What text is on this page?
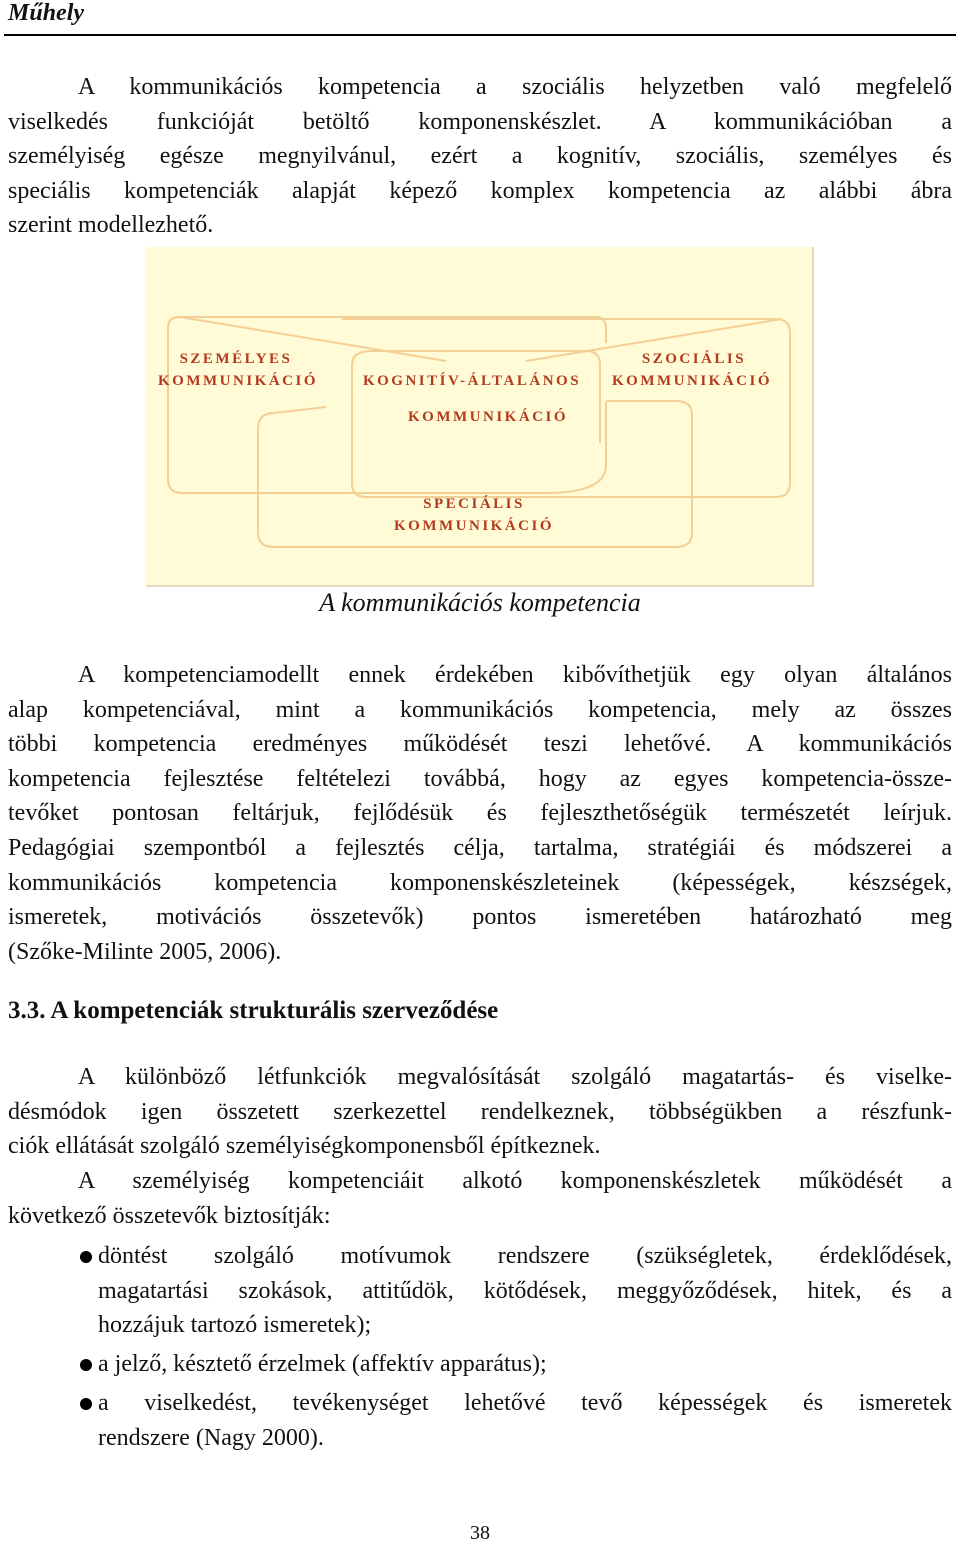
Műhely
A kommunikációs kompetencia a szociális helyzetben való megfelelő
viselkedés funkcióját betöltő komponenskészlet. A kommunikációban a
személyiség egésze megnyilvánul, ezért a kognitív, szociális, személyes és
speciális kompetenciák alapját képező komplex kompetencia az alábbi ábra
szerint modellezhető.
SZEMÉLYES
KOMMUNIKÁCIÓ	KOGNITÍV-ÁLTALÁNOS
KOMMUNIKÁCIÓ
SZOCIÁLIS
KOMMUNIKÁCIÓ
SPECIÁLIS
KOMMUNIKÁCIÓ
A kommunikációs kompetencia
A kompetenciamodellt ennek érdekében kibővíthetjük egy olyan általános
alap kompetenciával, mint a kommunikációs kompetencia, mely az összes
többi kompetencia eredményes működését teszi lehetővé. A kommunikációs
kompetencia fejlesztése feltételezi továbbá, hogy az egyes kompetencia-össze-
tevőket pontosan feltárjuk, fejlődésük és fejleszthetőségük természetét leírjuk.
Pedagógiai szempontból a fejlesztés célja, tartalma, stratégiái és módszerei a
kommunikációs kompetencia komponenskészleteinek (képességek, készségek,
ismeretek, motivációs összetevők) pontos ismeretében határozható meg
(Szőke-Milinte 2005, 2006).
3.3. A kompetenciák strukturális szerveződése
A különböző létfunkciók megvalósítását szolgáló magatartás- és viselke-
désmódok igen összetett szerkezettel rendelkeznek, többségükben a részfunk-
ciók ellátását szolgáló személyiségkomponensből építkeznek.
A személyiség kompetenciáit alkotó komponenskészletek működését a
következő összetevők biztosítják:
döntést szolgáló motívumok rendszere (szükségletek, érdeklődések,
magatartási szokások, attitűdök, kötődések, meggyőződések, hitek, és a
hozzájuk tartozó ismeretek);
a jelző, késztető érzelmek (affektív apparátus);
a viselkedést, tevékenységet lehetővé tevő képességek és ismeretek
rendszere (Nagy 2000).
38
